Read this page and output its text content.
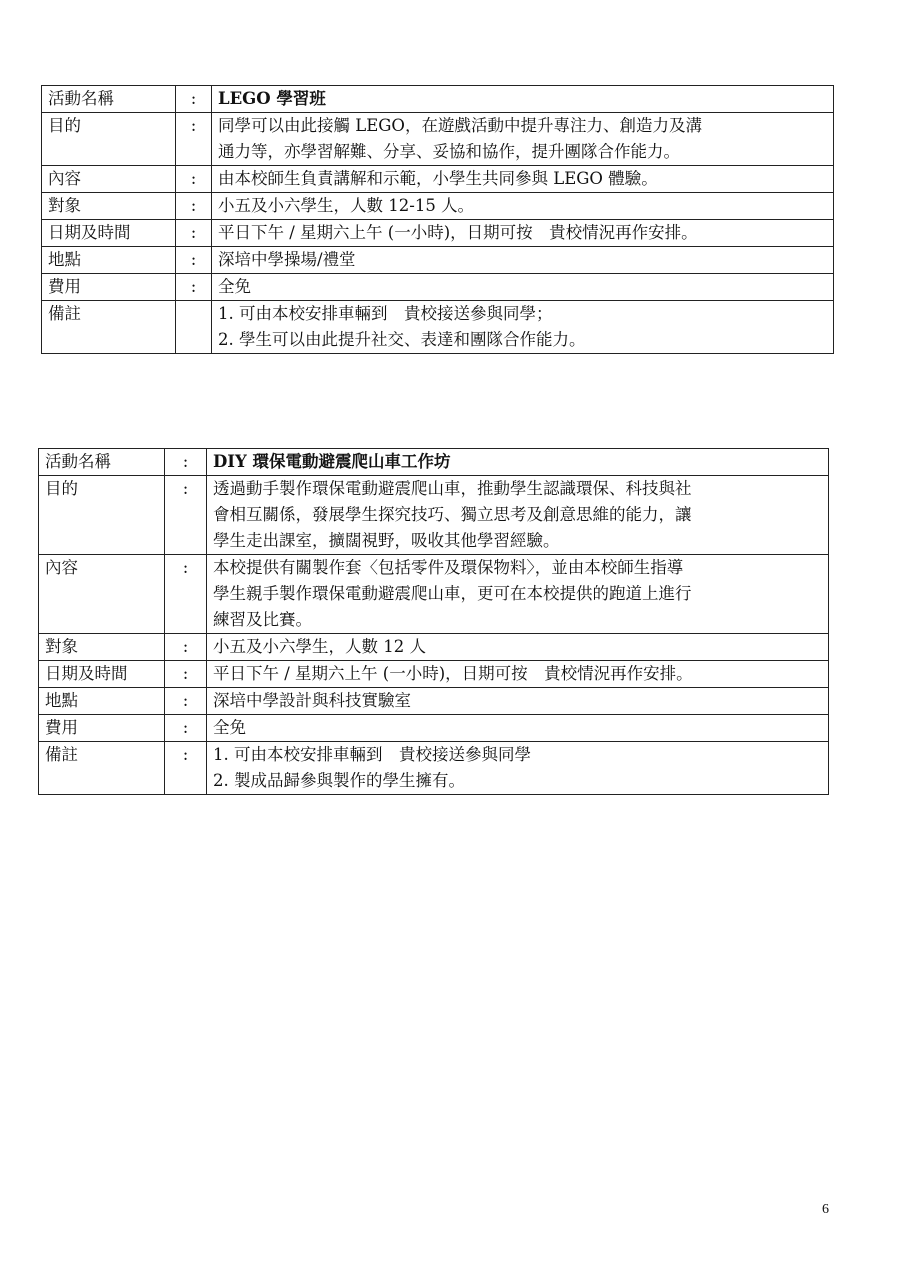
活動名稱	:	LEGO 學習班

目的	:	同學可以由此接觸 LEGO，在遊戲活動中提升專注力、創造力及溝
通力等，亦學習解難、分享、妥協和協作，提升團隊合作能力。

內容	:	由本校師生負責講解和示範，小學生共同參與 LEGO 體驗。

對象	:	小五及小六學生，人數 12-15 人。

日期及時間	:	平日下午 / 星期六上午 (一小時)，日期可按　貴校情況再作安排。

地點	:	深培中學操場/禮堂

費用	:	全免

備註		1. 可由本校安排車輛到　貴校接送參與同學；
2. 學生可以由此提升社交、表達和團隊合作能力。
活動名稱	:	DIY 環保電動避震爬山車工作坊

目的	:	透過動手製作環保電動避震爬山車，推動學生認識環保、科技與社
會相互關係，發展學生探究技巧、獨立思考及創意思維的能力，讓
學生走出課室，擴闊視野，吸收其他學習經驗。

內容	:	本校提供有關製作套〈包括零件及環保物料〉，並由本校師生指導
學生親手製作環保電動避震爬山車，更可在本校提供的跑道上進行
練習及比賽。

對象	:	小五及小六學生，人數 12 人

日期及時間	:	平日下午 / 星期六上午 (一小時)，日期可按　貴校情況再作安排。

地點	:	深培中學設計與科技實驗室

費用	:	全免

備註	:	1. 可由本校安排車輛到　貴校接送參與同學
2. 製成品歸參與製作的學生擁有。
6
